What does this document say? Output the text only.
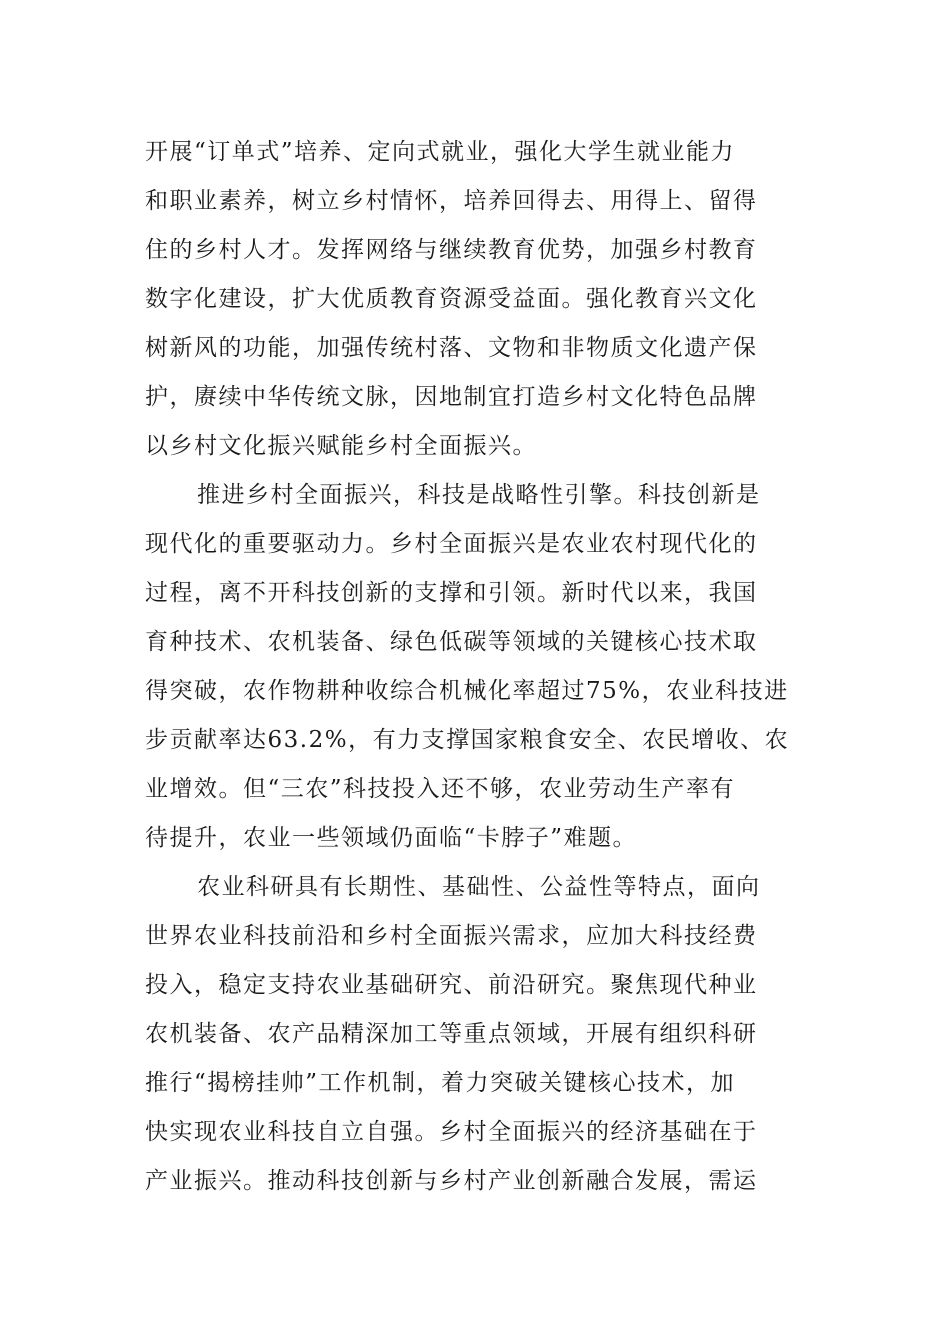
开展“订单式”培养、定向式就业，强化大学生就业能力
和职业素养，树立乡村情怀，培养回得去、用得上、留得
住的乡村人才。发挥网络与继续教育优势，加强乡村教育
数字化建设，扩大优质教育资源受益面。强化教育兴文化
树新风的功能，加强传统村落、文物和非物质文化遗产保
护，赓续中华传统文脉，因地制宜打造乡村文化特色品牌
以乡村文化振兴赋能乡村全面振兴。
推进乡村全面振兴，科技是战略性引擎。科技创新是
现代化的重要驱动力。乡村全面振兴是农业农村现代化的
过程，离不开科技创新的支撑和引领。新时代以来，我国
育种技术、农机装备、绿色低碳等领域的关键核心技术取
得突破，农作物耕种收综合机械化率超过75%，农业科技进
步贡献率达63.2%，有力支撑国家粮食安全、农民增收、农
业增效。但“三农”科技投入还不够，农业劳动生产率有
待提升，农业一些领域仍面临“卡脖子”难题。
农业科研具有长期性、基础性、公益性等特点，面向
世界农业科技前沿和乡村全面振兴需求，应加大科技经费
投入，稳定支持农业基础研究、前沿研究。聚焦现代种业
农机装备、农产品精深加工等重点领域，开展有组织科研
推行“揭榜挂帅”工作机制，着力突破关键核心技术，加
快实现农业科技自立自强。乡村全面振兴的经济基础在于
产业振兴。推动科技创新与乡村产业创新融合发展，需运
